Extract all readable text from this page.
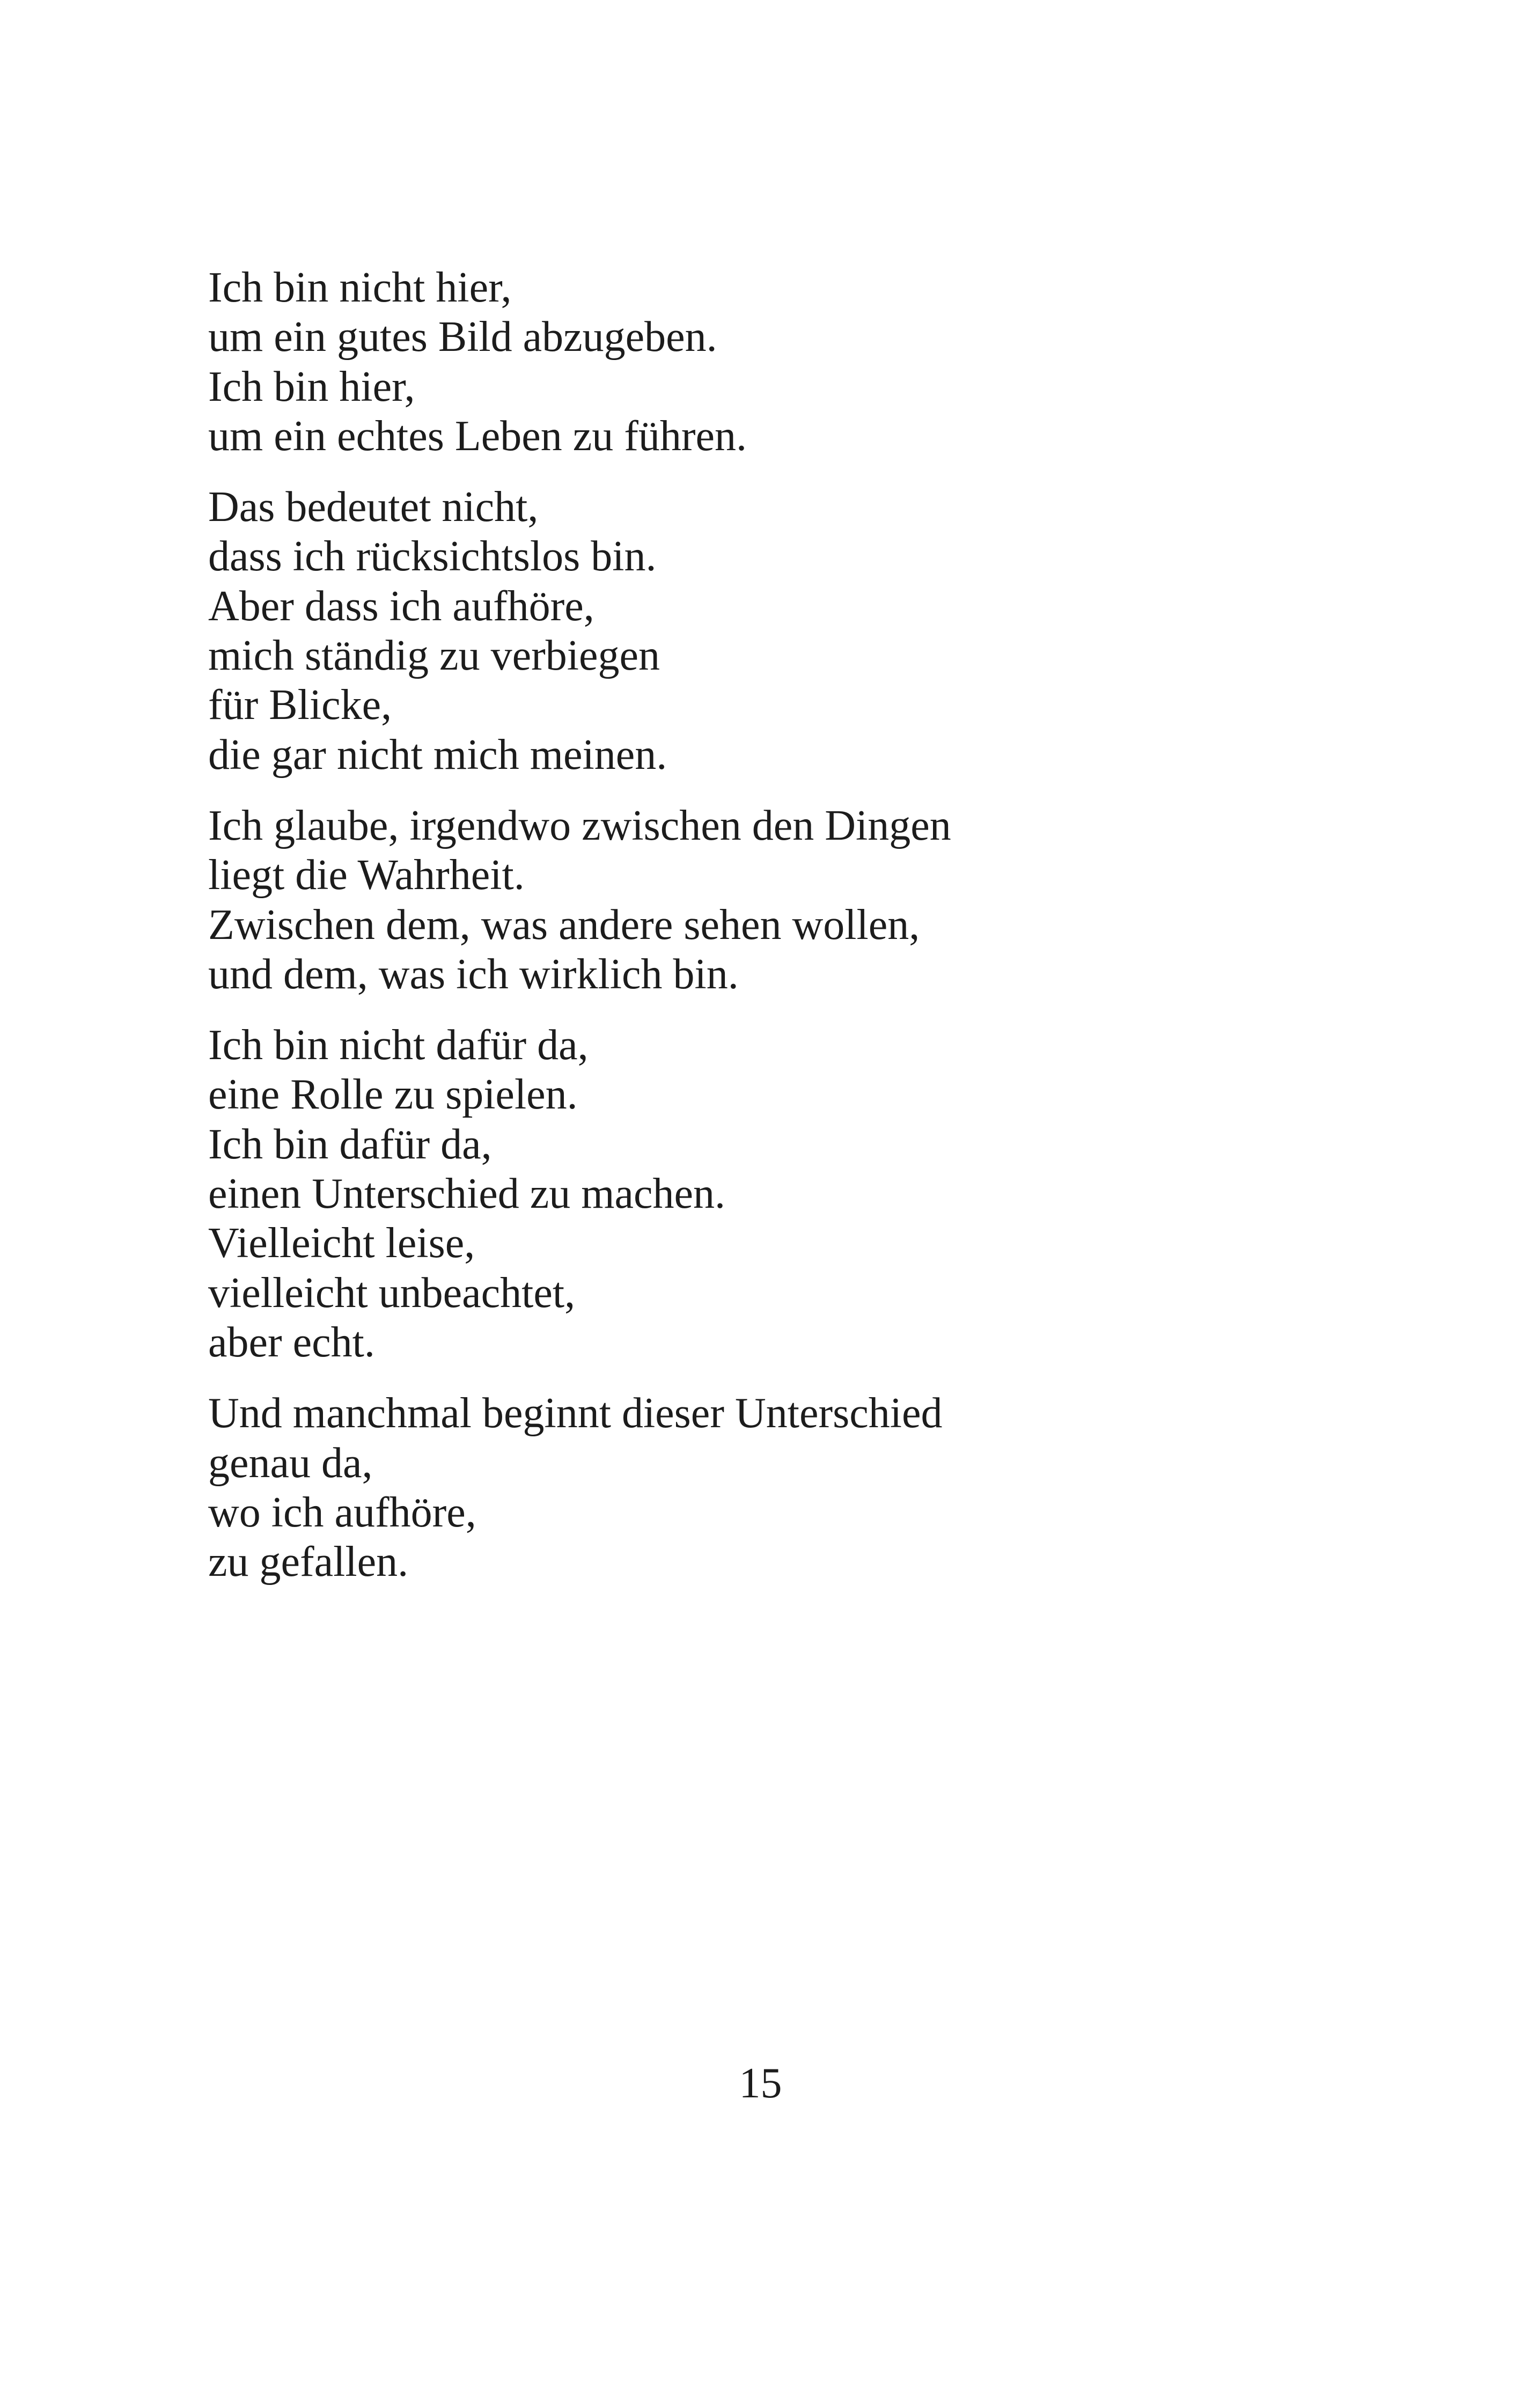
Ich bin nicht hier,
um ein gutes Bild abzugeben.
Ich bin hier,
um ein echtes Leben zu führen.
Das bedeutet nicht,
dass ich rücksichtslos bin.
Aber dass ich aufhöre,
mich ständig zu verbiegen
für Blicke,
die gar nicht mich meinen.
Ich glaube, irgendwo zwischen den Dingen
liegt die Wahrheit.
Zwischen dem, was andere sehen wollen,
und dem, was ich wirklich bin.
Ich bin nicht dafür da,
eine Rolle zu spielen.
Ich bin dafür da,
einen Unterschied zu machen.
Vielleicht leise,
vielleicht unbeachtet,
aber echt.
Und manchmal beginnt dieser Unterschied
genau da,
wo ich aufhöre,
zu gefallen.
15
